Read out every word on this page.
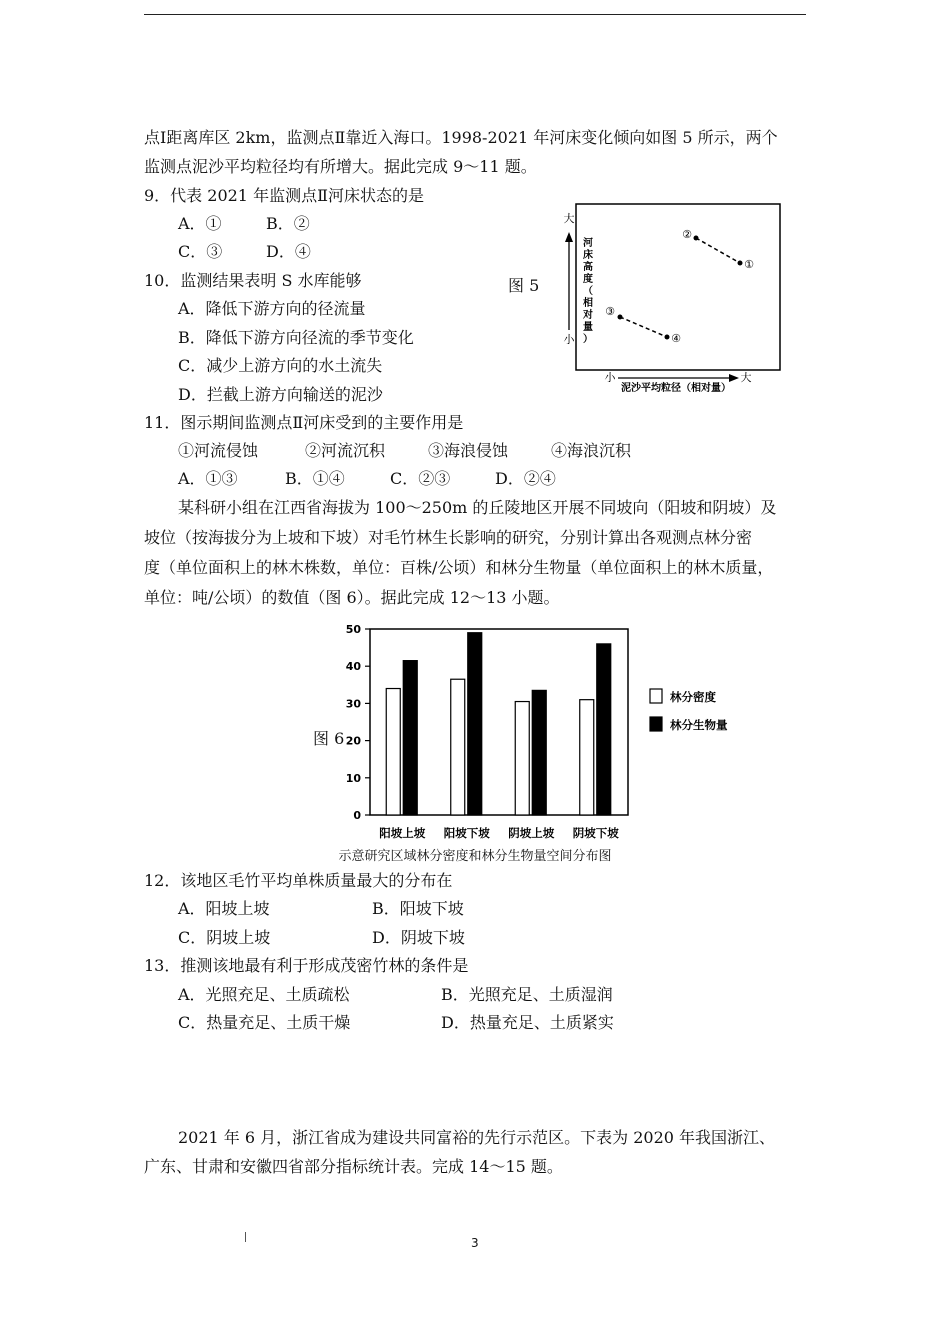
点Ⅰ距离库区 2km，监测点Ⅱ靠近入海口。1998-2021 年河床变化倾向如图 5 所示，两个
监测点泥沙平均粒径均有所增大。据此完成 9～11 题。
9．代表 2021 年监测点Ⅱ河床状态的是
A．①	B．②
C．③	D．④
10．监测结果表明 S 水库能够
A．降低下游方向的径流量
B．降低下游方向径流的季节变化
C．减少上游方向的水土流失
D．拦截上游方向输送的泥沙
图 5
大
小
小	大
河
床
高
度
（
相
对
量
）
泥沙平均粒径（相对量）
②
①
③
④
11．图示期间监测点Ⅱ河床受到的主要作用是
①河流侵蚀	②河流沉积	③海浪侵蚀	④海浪沉积
A．①③	B．①④	C．②③	D．②④
某科研小组在江西省海拔为 100～250m 的丘陵地区开展不同坡向（阳坡和阴坡）及
坡位（按海拔分为上坡和下坡）对毛竹林生长影响的研究，分别计算出各观测点林分密
度（单位面积上的林木株数，单位：百株/公顷）和林分生物量（单位面积上的林木质量，
单位：吨/公顷）的数值（图 6）。据此完成 12～13 小题。
图 6
0
10
20
30
40
50
阳坡上坡 阳坡下坡 阴坡上坡 阴坡下坡
林分密度
林分生物量
示意研究区域林分密度和林分生物量空间分布图
12．该地区毛竹平均单株质量最大的分布在
A．阳坡上坡	B．阳坡下坡
C．阴坡上坡	D．阴坡下坡
13．推测该地最有利于形成茂密竹林的条件是
A．光照充足、土质疏松	B．光照充足、土质湿润
C．热量充足、土质干燥	D．热量充足、土质紧实
2021 年 6 月，浙江省成为建设共同富裕的先行示范区。下表为 2020 年我国浙江、
广东、甘肃和安徽四省部分指标统计表。完成 14～15 题。
3
